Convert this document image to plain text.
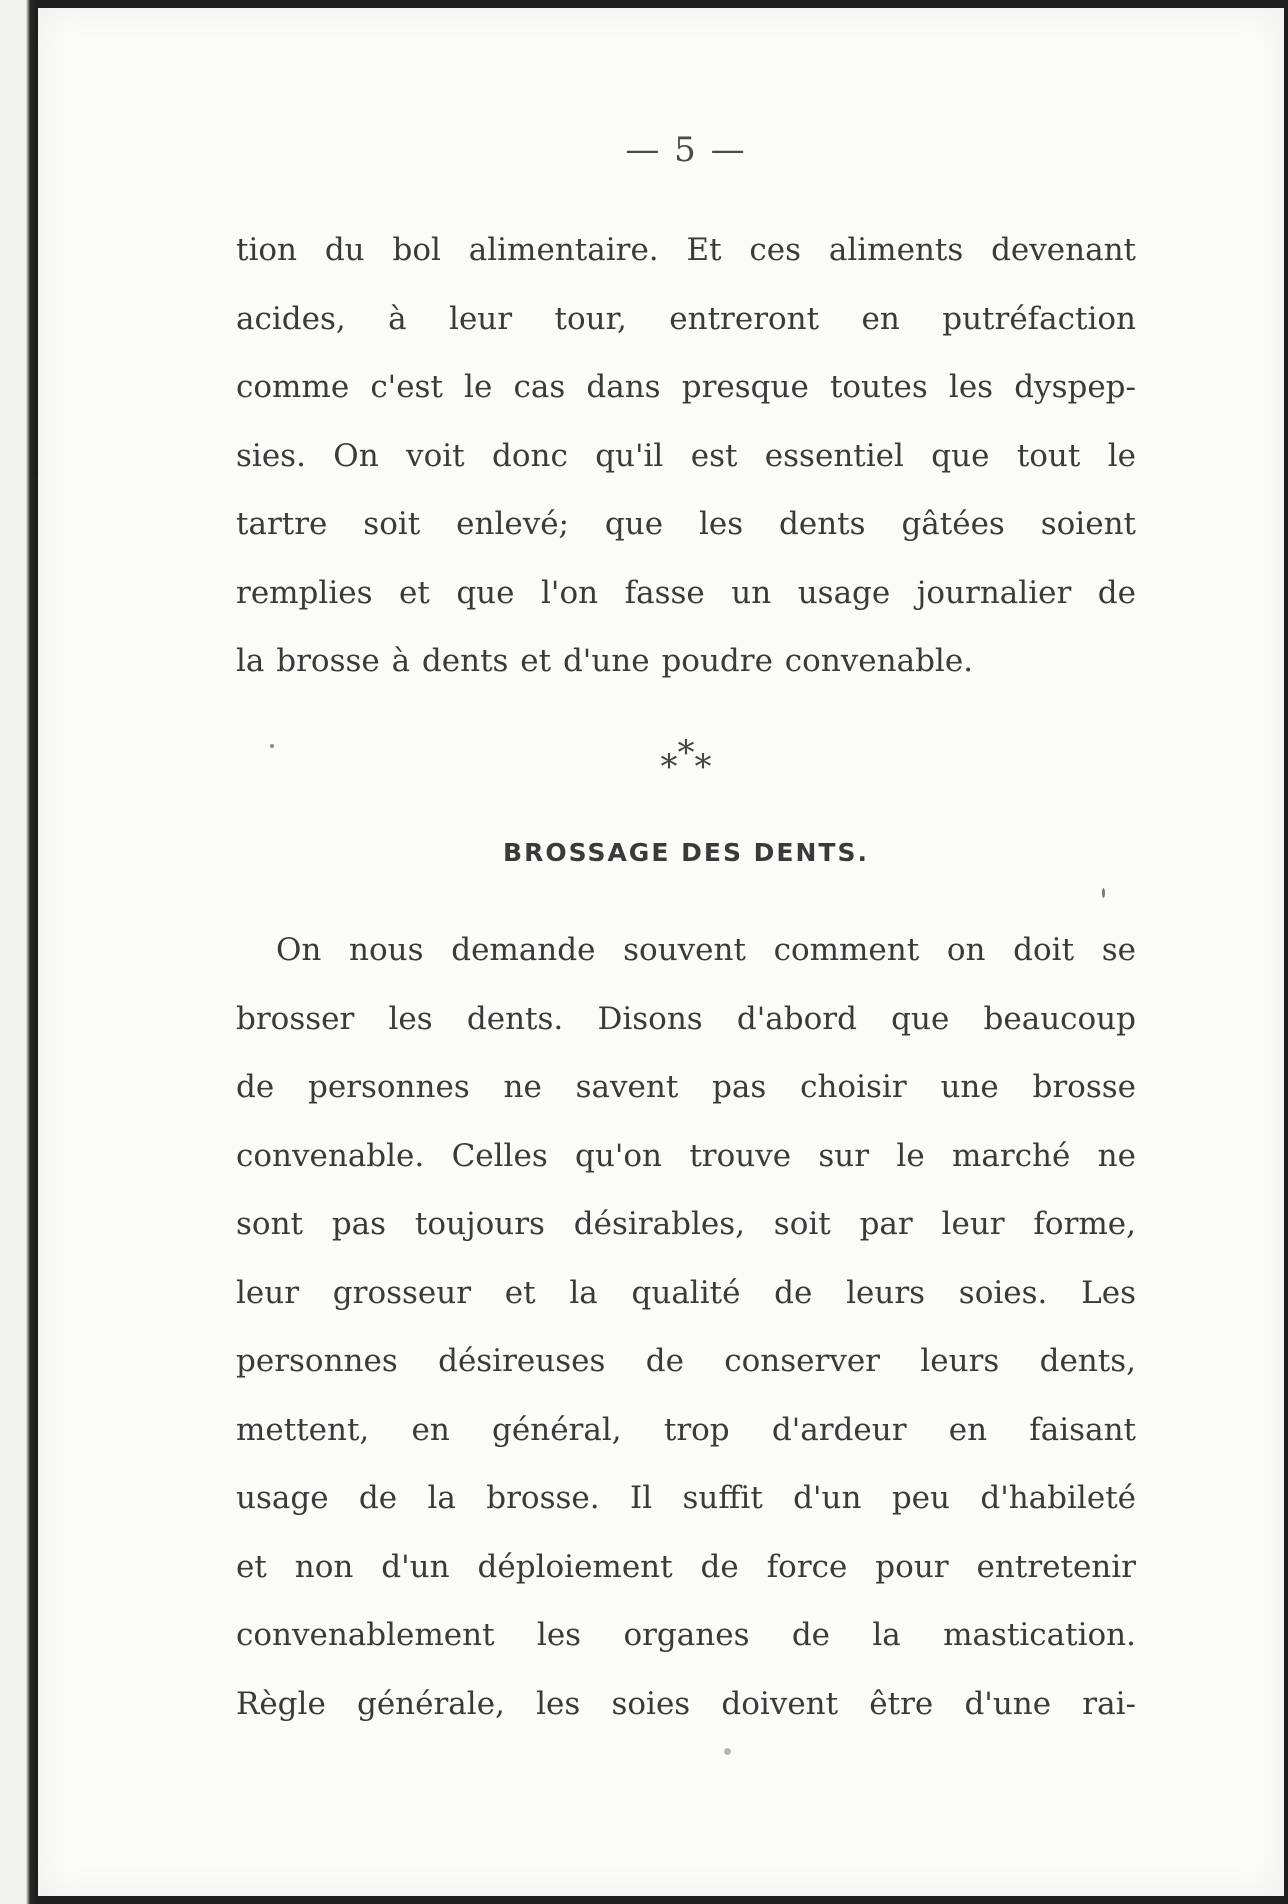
— 5 —
tion du bol alimentaire. Et ces aliments devenant
acides, à leur tour, entreront en putréfaction
comme c'est le cas dans presque toutes les dyspep-
sies. On voit donc qu'il est essentiel que tout le
tartre soit enlevé; que les dents gâtées soient
remplies et que l'on fasse un usage journalier de
la brosse à dents et d'une poudre convenable.
***
BROSSAGE DES DENTS.
On nous demande souvent comment on doit se
brosser les dents. Disons d'abord que beaucoup
de personnes ne savent pas choisir une brosse
convenable. Celles qu'on trouve sur le marché ne
sont pas toujours désirables, soit par leur forme,
leur grosseur et la qualité de leurs soies. Les
personnes désireuses de conserver leurs dents,
mettent, en général, trop d'ardeur en faisant
usage de la brosse. Il suffit d'un peu d'habileté
et non d'un déploiement de force pour entretenir
convenablement les organes de la mastication.
Règle générale, les soies doivent être d'une rai-
